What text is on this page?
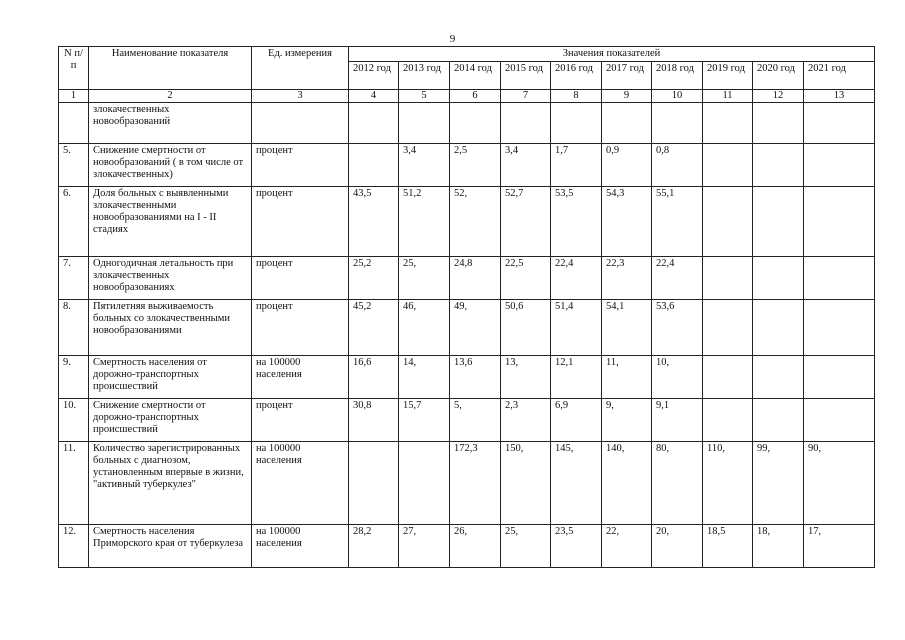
9
N п/п	Наименование показателя	Ед. измерения	Значения показателей									
			2012 год	2013 год	2014 год	2015 год	2016 год	2017 год	2018 год	2019 год	2020 год	2021 год
1	2	3	4	5	6	7	8	9	10	11	12	13
	злокачественных новообразований											
5.	Снижение смертности от новообразований ( в том числе от злокачественных)	процент		3,4	2,5	3,4	1,7	0,9	0,8			
6.	Доля больных с выявленными злокачественными новообразованиями на I - II стадиях	процент	43,5	51,2	52,	52,7	53,5	54,3	55,1			
7.	Одногодичная летальность при злокачественных новообразованиях	процент	25,2	25,	24,8	22,5	22,4	22,3	22,4			
8.	Пятилетняя выживаемость больных со злокачественными новообразованиями	процент	45,2	46,	49,	50,6	51,4	54,1	53,6			
9.	Смертность населения от дорожно-транспортных происшествий	на 100000 населения	16,6	14,	13,6	13,	12,1	11,	10,			
10.	Снижение смертности от дорожно-транспортных происшествий	процент	30,8	15,7	5,	2,3	6,9	9,	9,1			
11.	Количество зарегистрированных больных с диагнозом, установленным впервые в жизни, "активный туберкулез"	на 100000 населения			172,3	150,	145,	140,	80,	110,	99,	90,
12.	Смертность населения Приморского края от туберкулеза	на 100000 населения	28,2	27,	26,	25,	23,5	22,	20,	18,5	18,	17,
